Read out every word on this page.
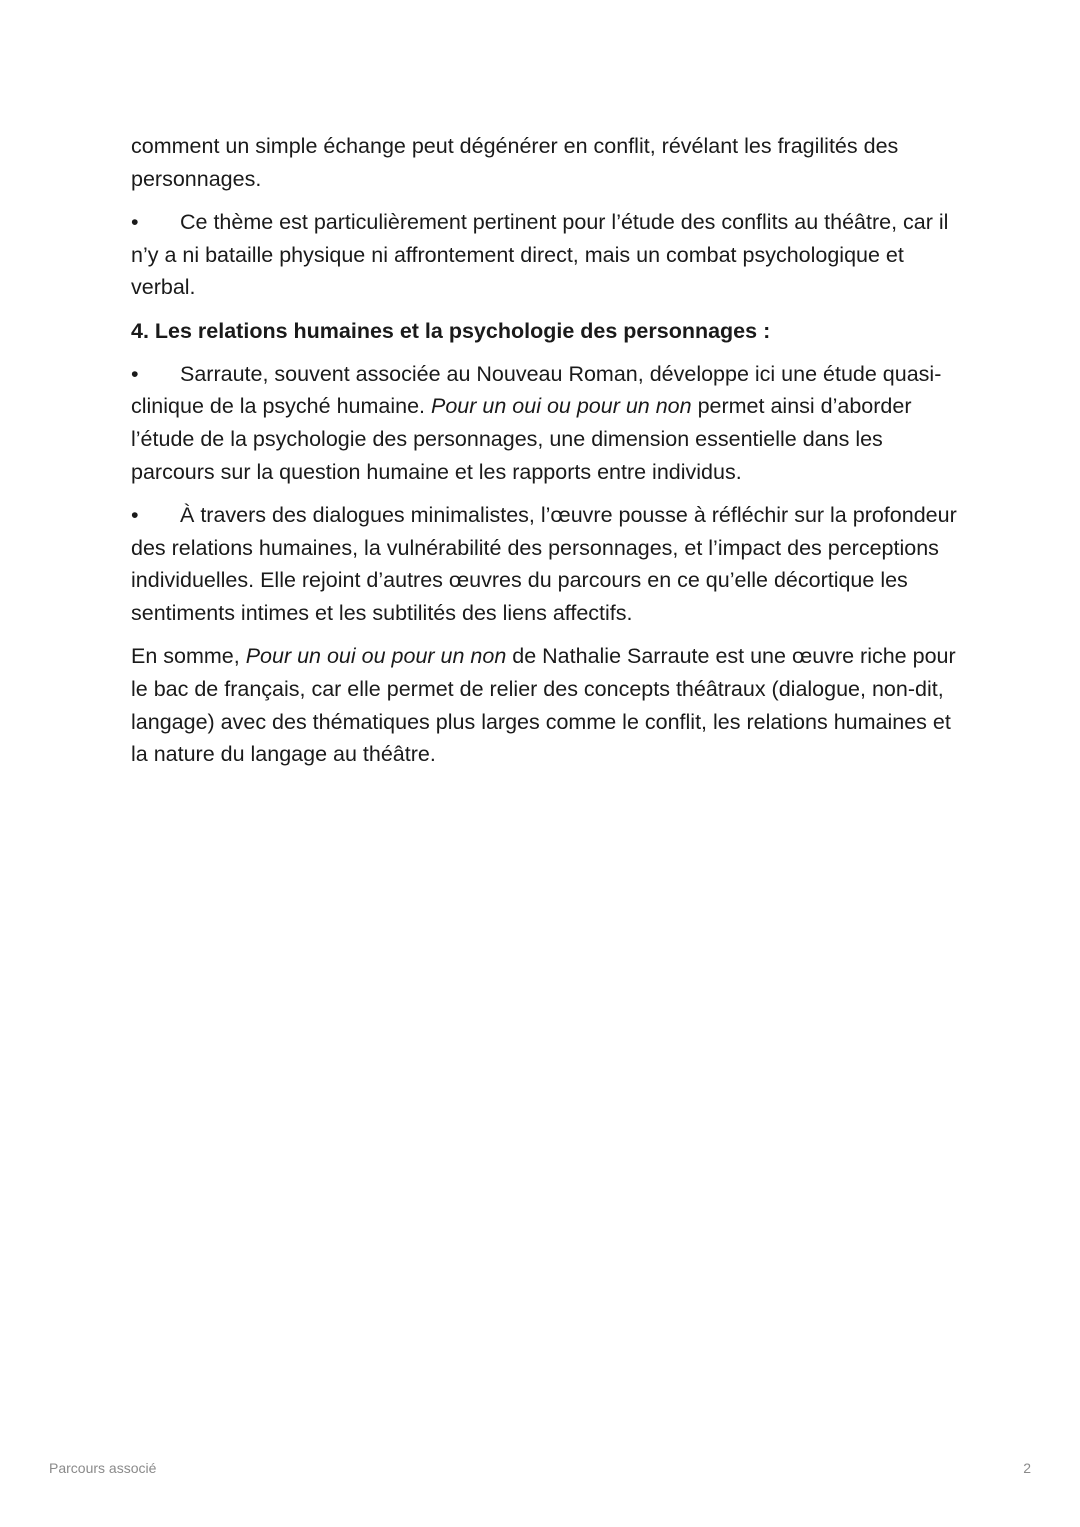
comment un simple échange peut dégénérer en conflit, révélant les fragilités des personnages.

• Ce thème est particulièrement pertinent pour l’étude des conflits au théâtre, car il n’y a ni bataille physique ni affrontement direct, mais un combat psychologique et verbal.

4. Les relations humaines et la psychologie des personnages :

• Sarraute, souvent associée au Nouveau Roman, développe ici une étude quasi-clinique de la psyché humaine. Pour un oui ou pour un non permet ainsi d’aborder l’étude de la psychologie des personnages, une dimension essentielle dans les parcours sur la question humaine et les rapports entre individus.

• À travers des dialogues minimalistes, l’œuvre pousse à réfléchir sur la profondeur des relations humaines, la vulnérabilité des personnages, et l’impact des perceptions individuelles. Elle rejoint d’autres œuvres du parcours en ce qu’elle décortique les sentiments intimes et les subtilités des liens affectifs.

En somme, Pour un oui ou pour un non de Nathalie Sarraute est une œuvre riche pour le bac de français, car elle permet de relier des concepts théâtraux (dialogue, non-dit, langage) avec des thématiques plus larges comme le conflit, les relations humaines et la nature du langage au théâtre.

Parcours associé	2
